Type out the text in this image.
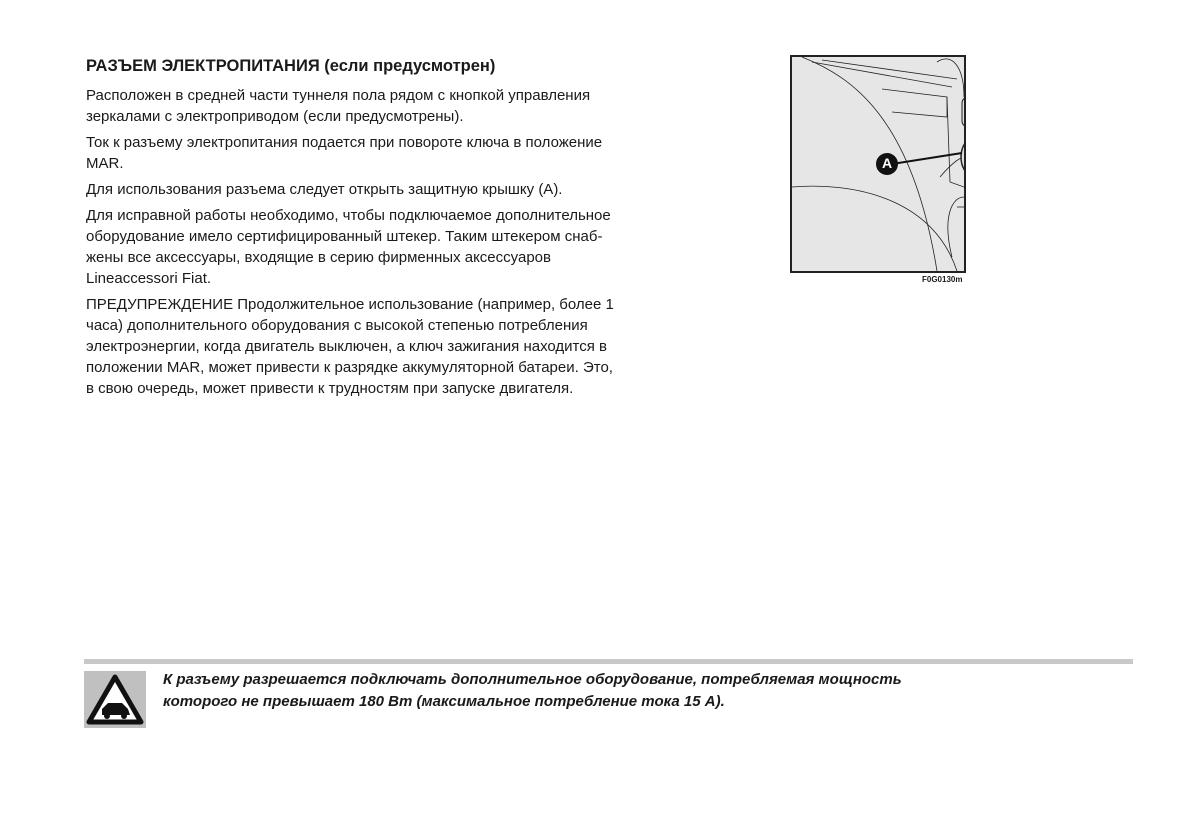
РАЗЪЕМ ЭЛЕКТРОПИТАНИЯ (если предусмотрен)
Расположен в средней части туннеля пола рядом с кнопкой управления
зеркалами с электроприводом (если предусмотрены).
Ток к разъему электропитания подается при повороте ключа в положение
MAR.
Для использования разъема следует открыть защитную крышку (A).
Для исправной работы необходимо, чтобы подключаемое дополнительное
оборудование имело сертифицированный штекер. Таким штекером снаб-
жены все аксессуары, входящие в серию фирменных аксессуаров
Lineaccessori Fiat.
ПРЕДУПРЕЖДЕНИЕ Продолжительное использование (например, более 1
часа) дополнительного оборудования с высокой степенью потребления
электроэнергии, когда двигатель выключен, а ключ зажигания находится в
положении MAR, может привести к разрядке аккумуляторной батареи. Это,
в свою очередь, может привести к трудностям при запуске двигателя.
A
F0G0130m
К разъему разрешается подключать дополнительное оборудование, потребляемая мощность
которого не превышает 180 Вт (максимальное потребление тока 15 А).
